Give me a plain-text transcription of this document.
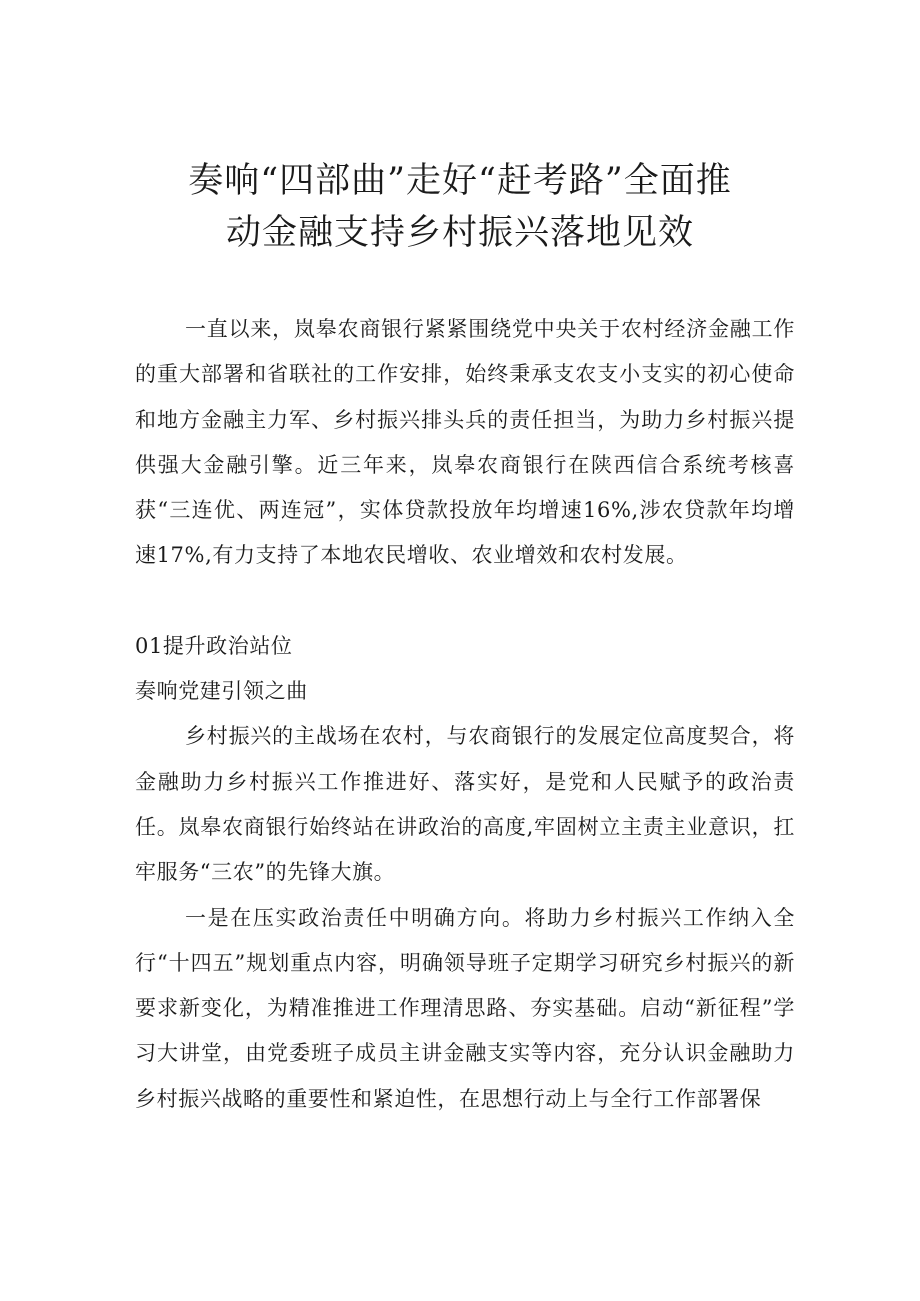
奏响“四部曲”走好“赶考路”全面推
动金融支持乡村振兴落地见效

一直以来，岚皋农商银行紧紧围绕党中央关于农村经济金融工作的重大部署和省联社的工作安排，始终秉承支农支小支实的初心使命和地方金融主力军、乡村振兴排头兵的责任担当，为助力乡村振兴提供强大金融引擎。近三年来，岚皋农商银行在陕西信合系统考核喜获“三连优、两连冠”，实体贷款投放年均增速16%,涉农贷款年均增速17%,有力支持了本地农民增收、农业增效和农村发展。

01提升政治站位

奏响党建引领之曲

乡村振兴的主战场在农村，与农商银行的发展定位高度契合，将金融助力乡村振兴工作推进好、落实好，是党和人民赋予的政治责任。岚皋农商银行始终站在讲政治的高度,牢固树立主责主业意识，扛牢服务“三农”的先锋大旗。

一是在压实政治责任中明确方向。将助力乡村振兴工作纳入全行“十四五”规划重点内容，明确领导班子定期学习研究乡村振兴的新要求新变化，为精准推进工作理清思路、夯实基础。启动“新征程”学习大讲堂，由党委班子成员主讲金融支实等内容，充分认识金融助力乡村振兴战略的重要性和紧迫性，在思想行动上与全行工作部署保
